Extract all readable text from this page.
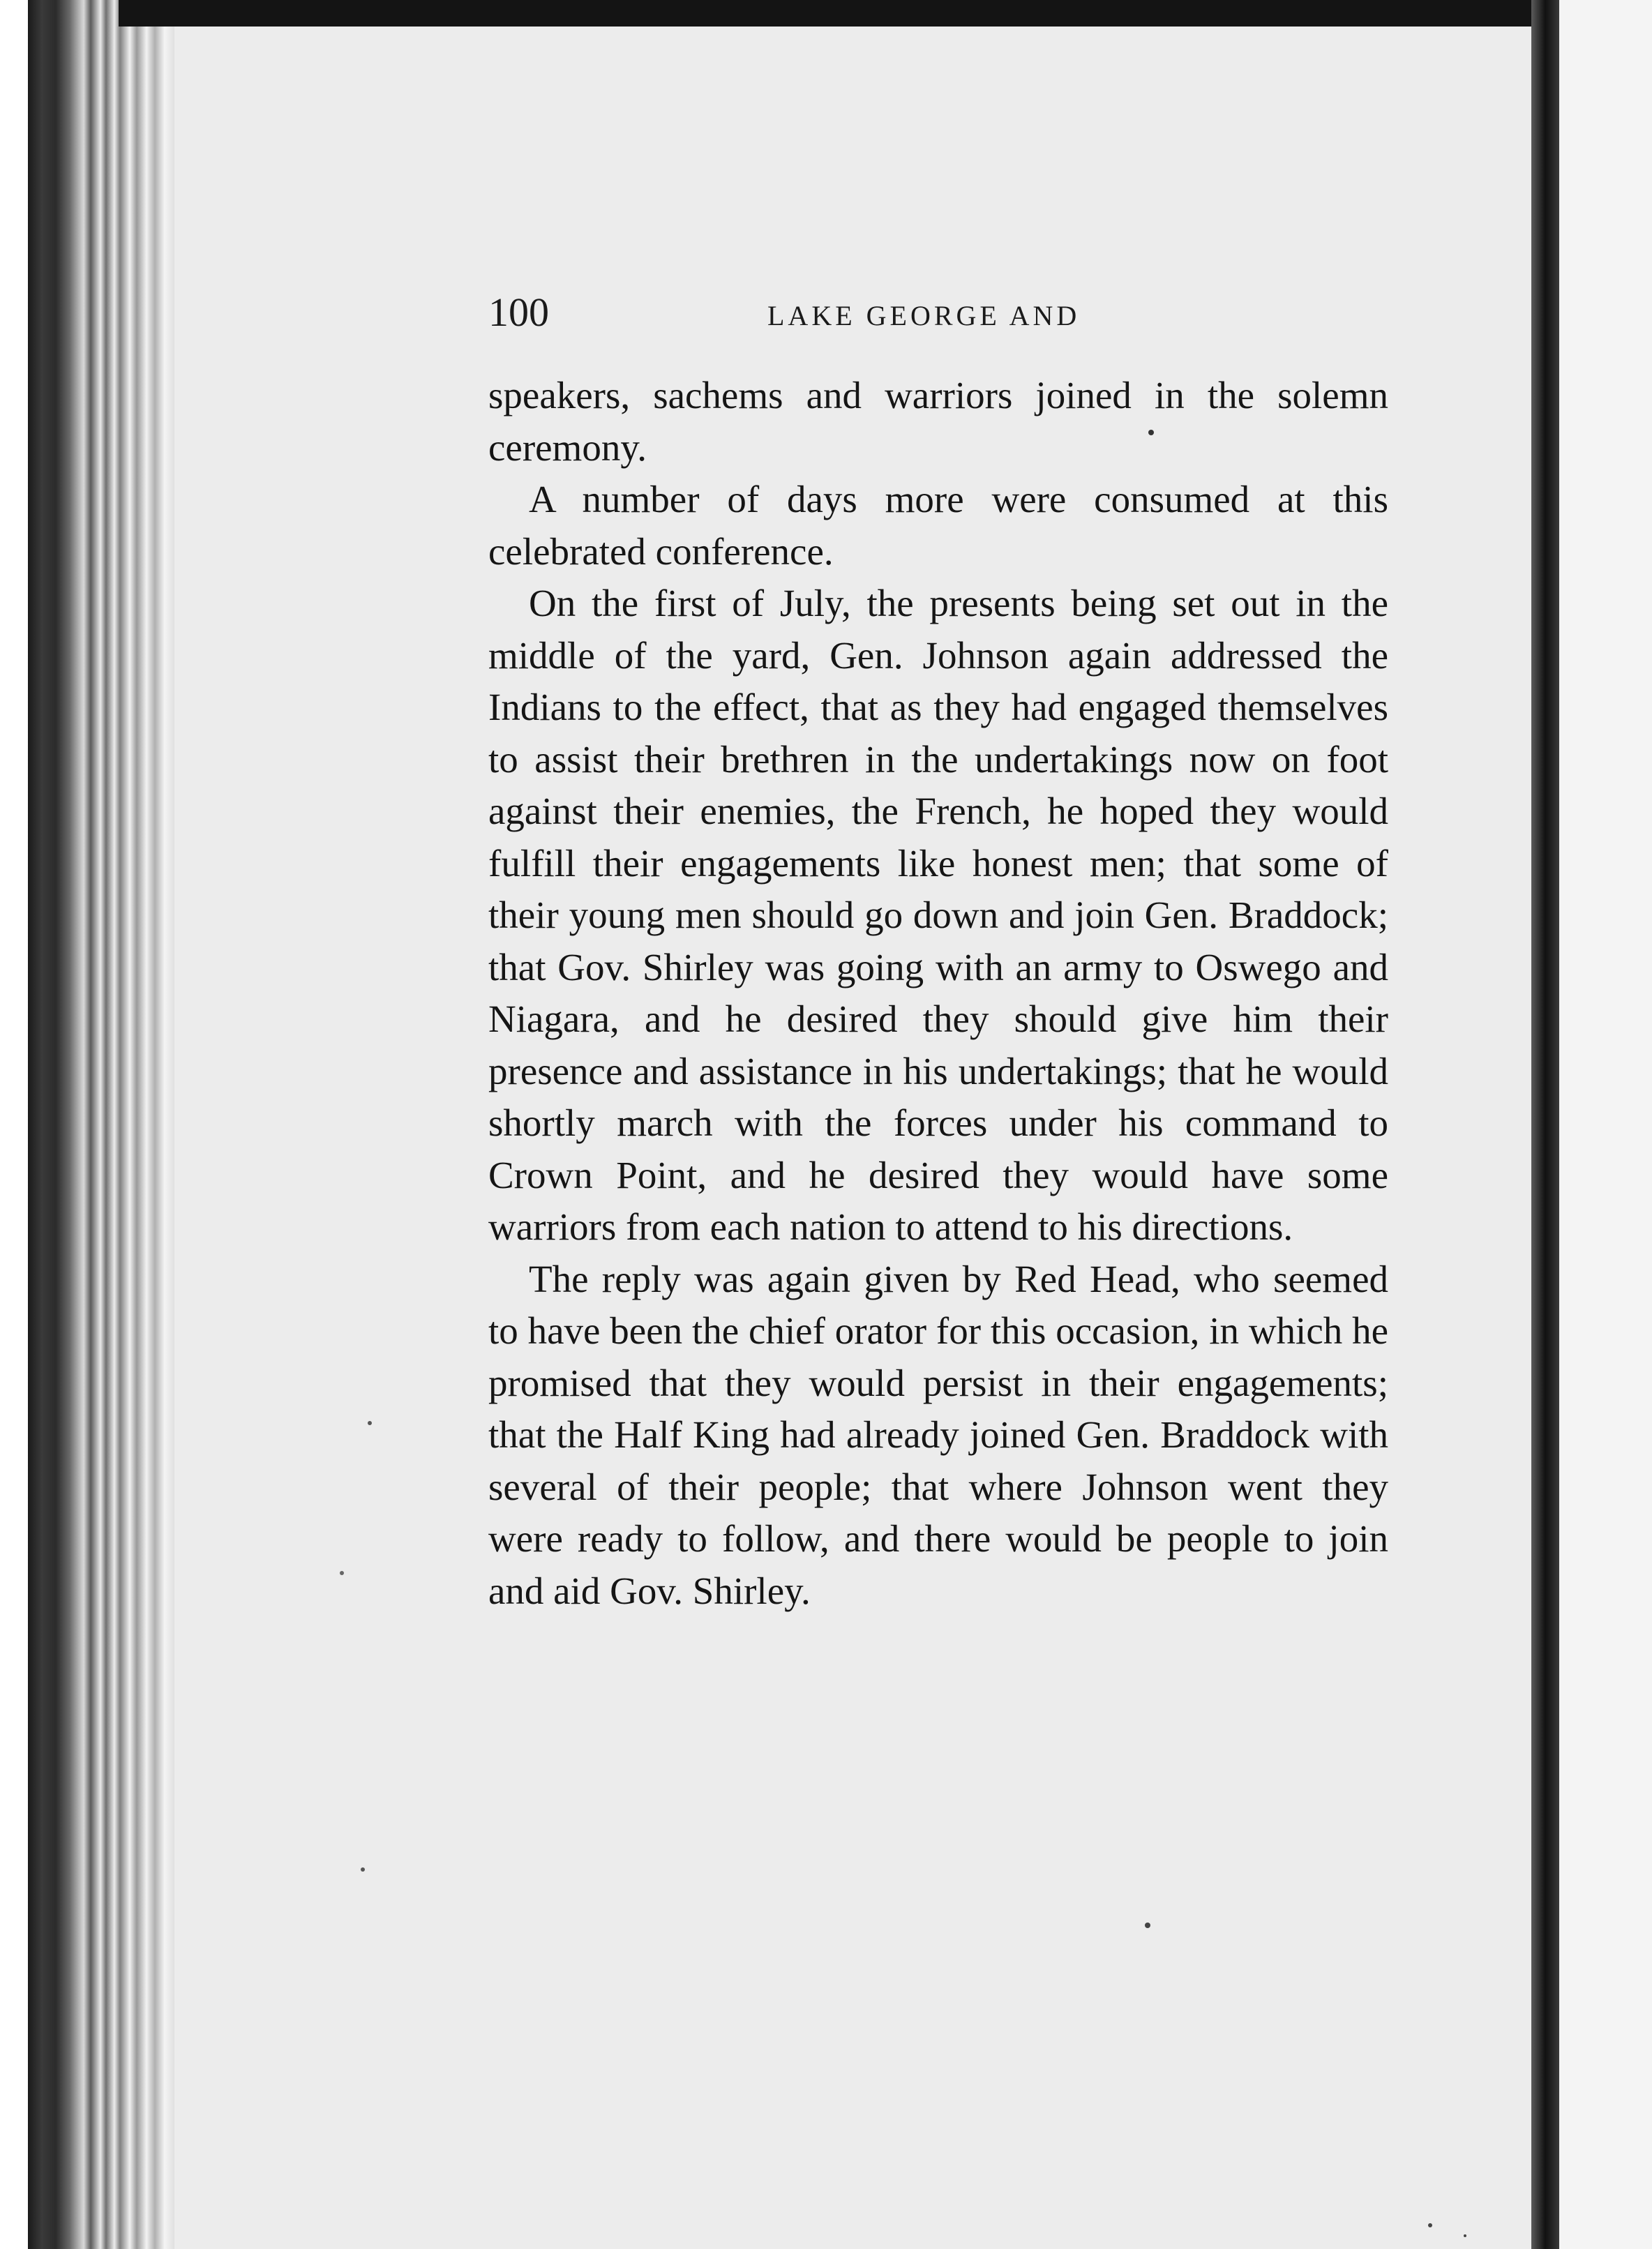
100	LAKE GEORGE AND

speakers, sachems and warriors joined in the solemn ceremony.

A number of days more were consumed at this celebrated conference.

On the first of July, the presents being set out in the middle of the yard, Gen. Johnson again addressed the Indians to the effect, that as they had engaged themselves to assist their brethren in the undertakings now on foot against their enemies, the French, he hoped they would fulfill their engagements like honest men; that some of their young men should go down and join Gen. Braddock; that Gov. Shirley was going with an army to Oswego and Niagara, and he desired they should give him their presence and assistance in his undertakings; that he would shortly march with the forces under his command to Crown Point, and he desired they would have some warriors from each nation to attend to his directions.

The reply was again given by Red Head, who seemed to have been the chief orator for this occasion, in which he promised that they would persist in their engagements; that the Half King had already joined Gen. Braddock with several of their people; that where Johnson went they were ready to follow, and there would be people to join and aid Gov. Shirley.
